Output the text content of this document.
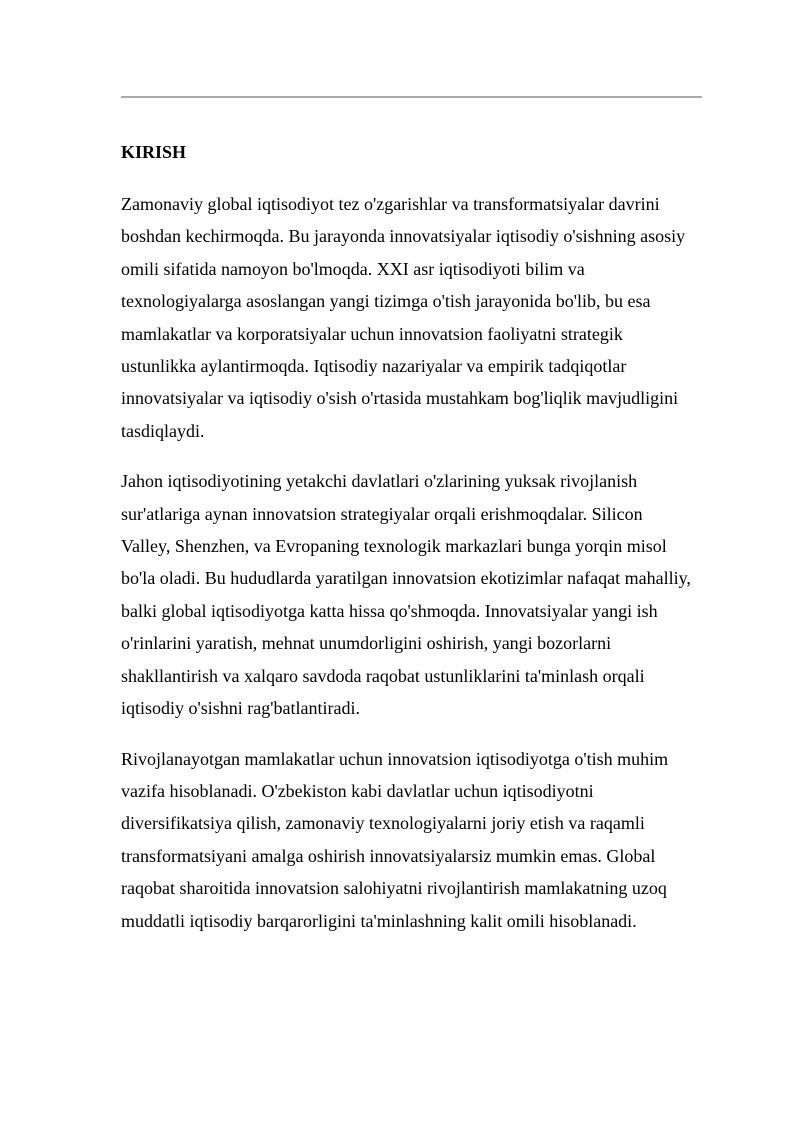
KIRISH

Zamonaviy global iqtisodiyot tez o'zgarishlar va transformatsiyalar davrini boshdan kechirmoqda. Bu jarayonda innovatsiyalar iqtisodiy o'sishning asosiy omili sifatida namoyon bo'lmoqda. XXI asr iqtisodiyoti bilim va texnologiyalarga asoslangan yangi tizimga o'tish jarayonida bo'lib, bu esa mamlakatlar va korporatsiyalar uchun innovatsion faoliyatni strategik ustunlikka aylantirmoqda. Iqtisodiy nazariyalar va empirik tadqiqotlar innovatsiyalar va iqtisodiy o'sish o'rtasida mustahkam bog'liqlik mavjudligini tasdiqlaydi.

Jahon iqtisodiyotining yetakchi davlatlari o'zlarining yuksak rivojlanish sur'atlariga aynan innovatsion strategiyalar orqali erishmoqdalar. Silicon Valley, Shenzhen, va Evropaning texnologik markazlari bunga yorqin misol bo'la oladi. Bu hududlarda yaratilgan innovatsion ekotizimlar nafaqat mahalliy, balki global iqtisodiyotga katta hissa qo'shmoqda. Innovatsiyalar yangi ish o'rinlarini yaratish, mehnat unumdorligini oshirish, yangi bozorlarni shakllantirish va xalqaro savdoda raqobat ustunliklarini ta'minlash orqali iqtisodiy o'sishni rag'batlantiradi.

Rivojlanayotgan mamlakatlar uchun innovatsion iqtisodiyotga o'tish muhim vazifa hisoblanadi. O'zbekiston kabi davlatlar uchun iqtisodiyotni diversifikatsiya qilish, zamonaviy texnologiyalarni joriy etish va raqamli transformatsiyani amalga oshirish innovatsiyalarsiz mumkin emas. Global raqobat sharoitida innovatsion salohiyatni rivojlantirish mamlakatning uzoq muddatli iqtisodiy barqarorligini ta'minlashning kalit omili hisoblanadi.
